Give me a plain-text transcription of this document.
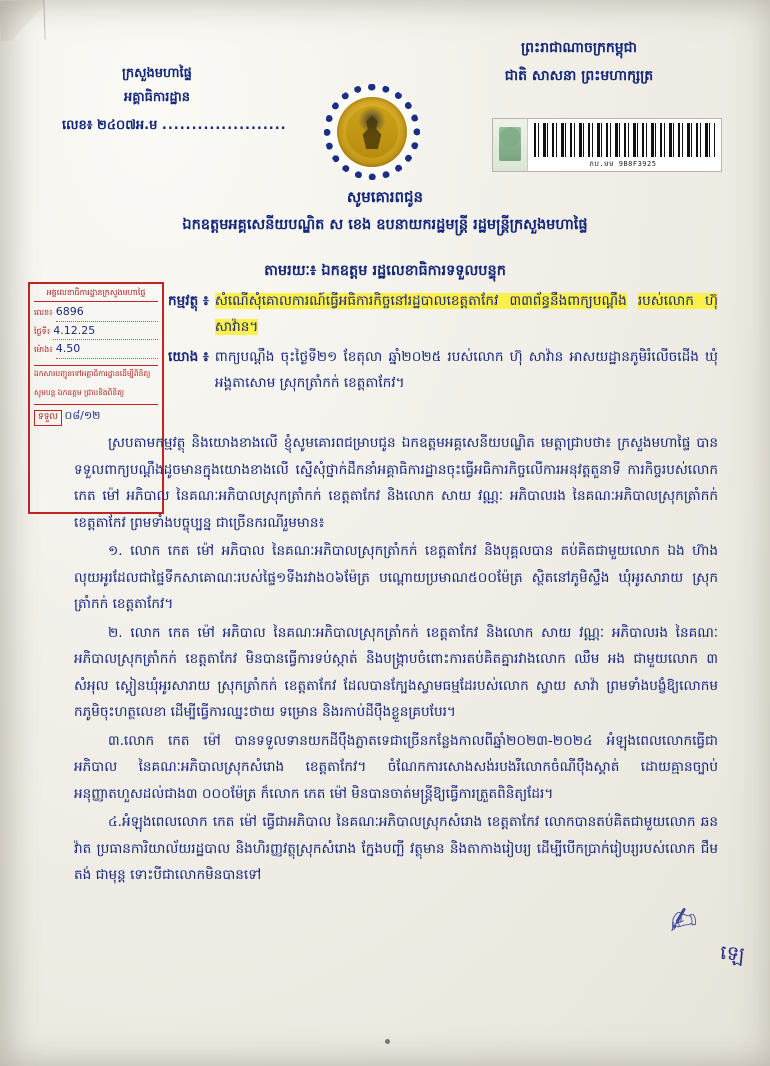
ក្រសួងមហាផ្ទៃ
អគ្គាធិការដ្ឋាន
លេខ៖ ២៤០៧អ.ម .....................
ព្រះរាជាណាចក្រកម្ពុជា
ជាតិ សាសនា ព្រះមហាក្សត្រ
ភប.មម 9B8F3925
សូមគោរពជូន
ឯកឧត្តមអគ្គសេនីយបណ្ឌិត ស ខេង ឧបនាយករដ្ឋមន្ត្រី រដ្ឋមន្ត្រីក្រសួងមហាផ្ទៃ
តាមរយៈ៖ ឯកឧត្តម រដ្ឋលេខាធិការទទួលបន្ទុក
អគ្គលេខាធិការដ្ឋានក្រសួងមហាផ្ទៃ
លេខ៖ 6896
ថ្ងៃទី៖ 4.12.25
ម៉ោង៖ 4.50
ឯកសារបញ្ជូនទៅអគ្គាធិការដ្ឋានដើម្បីពិនិត្យ
សូមបន្ដ ឯកឧត្តម ជ្រាបនិងពិនិត្យ
ទទួល ០៨/១២
កម្មវត្ថុ ៖ សំណើសុំគោលការណ៍ធ្វើអធិការកិច្ចនៅរដ្ឋបាលខេត្តតាកែវ ៣៣ព័ន្ធនឹងពាក្យបណ្ដឹង របស់លោក ហ៊ុ សាវ៉ាន។
យោង ៖ ពាក្យបណ្ដឹង ចុះថ្ងៃទី២១ ខែតុលា ឆ្នាំ២០២៥ របស់លោក ហ៊ុ សាវ៉ាន អាសយដ្ឋានភូមិរំលើចដើង ឃុំអង្គតាសោម ស្រុកត្រាំកក់ ខេត្តតាកែវ។

ស្របតាមកម្មវត្ថុ និងយោងខាងលើ ខ្ញុំសូមគោរពជម្រាបជូន ឯកឧត្តមអគ្គសេនីយបណ្ឌិត មេត្តាជ្រាបថា៖ ក្រសួងមហាផ្ទៃ បានទទួលពាក្យបណ្ដឹងដូចមានក្នុងយោងខាងលើ ស្នើសុំថ្នាក់ដឹកនាំអគ្គាធិការដ្ឋានចុះធ្វើអធិការកិច្ចលើការអនុវត្តតួនាទី ការកិច្ចរបស់លោក កេត ម៉ៅ អភិបាល នៃគណៈអភិបាលស្រុកត្រាំកក់ ខេត្តតាកែវ និងលោក សាយ វណ្ណៈ អភិបាលរង នៃគណៈអភិបាលស្រុកត្រាំកក់ ខេត្តតាកែវ ព្រមទាំងបច្ចុប្បន្ន ជាច្រើនករណីរួមមាន៖

១. លោក កេត ម៉ៅ អភិបាល នៃគណៈអភិបាលស្រុកត្រាំកក់ ខេត្តតាកែវ និងបុគ្គលបាន តប់គិតជាមួយលោក ឯង ហ៊ាង លុយអូរដែលជាផ្ទៃទីកសាគោណៈរបស់ផ្ទៃ១ទីងរវាង០៦ម៉ែត្រ បណ្ដោយប្រមាណ៥០០ម៉ែត្រ ស្ថិតនៅភូមិស្ទឹង ឃុំអូរសារាយ ស្រុកត្រាំកក់ ខេត្តតាកែវ។

២. លោក កេត ម៉ៅ អភិបាល នៃគណៈអភិបាលស្រុកត្រាំកក់ ខេត្តតាកែវ និងលោក សាយ វណ្ណៈ អភិបាលរង នៃគណៈអភិបាលស្រុកត្រាំកក់ ខេត្តតាកែវ មិនបានធ្វើការទប់ស្កាត់ និងបង្ក្រាបចំពោះការតប់គិតគ្នារវាងលោក ឈឹម អង ជាមួយលោក ៣ សំអុល ស្ដៀនឃុំអូរសារាយ ស្រុកត្រាំកក់ ខេត្តតាកែវ ដែលបានក្បែងស្វាមធម្មដែរបស់លោក ស្វាយ សាវ៉ា ព្រមទាំងបង្ខំឱ្យលោកមកភូមិចុះហត្ថលេខា ដើម្បីធ្វើការឈ្នះថាយ ទម្រោន និងរកាប់ដីប៉ឹងខ្លួនគ្របបែរ។

៣.លោក កេត ម៉ៅ បានទទួលទានយកដីប៉ឹងភ្លាតទេជាច្រើនកន្លែងកាលពីឆ្នាំ២០២៣-២០២៤ អំឡុងពេលលោកធ្វើជាអភិបាល នៃគណៈអភិបាលស្រុកសំរោង ខេត្តតាកែវ។ ចំណែកការសោងសង់របងរឺលោកចំណីប៉ឹងស្គាត់ ដោយគ្មានច្បាប់អនុញ្ញាតហួសដល់ជាង៣ ០០០ម៉ែត្រ ក៏លោក កេត ម៉ៅ មិនបានចាត់មន្ត្រីឱ្យធ្វើការត្រួតពិនិត្យដែរ។

៤.អំឡុងពេលលោក កេត ម៉ៅ ធ្វើជាអភិបាល នៃគណៈអភិបាលស្រុកសំរោង ខេត្តតាកែវ លោកបានតប់គិតជាមួយលោក ឆន វ៉ាត ប្រធានការិយាល័យរដ្ឋបាល និងហិរញ្ញវត្ថុស្រុកសំរោង ក្នែងបញ្ឆី វត្ថុមាន និងតាកាងរៀបរ្យ ដើម្បីបើកប្រាក់រៀបរ្យរបស់លោក ជឹម តង់ ជាមុន្ដ ទោះបីជាលោកមិនបានទៅ

✍
ឡេ
